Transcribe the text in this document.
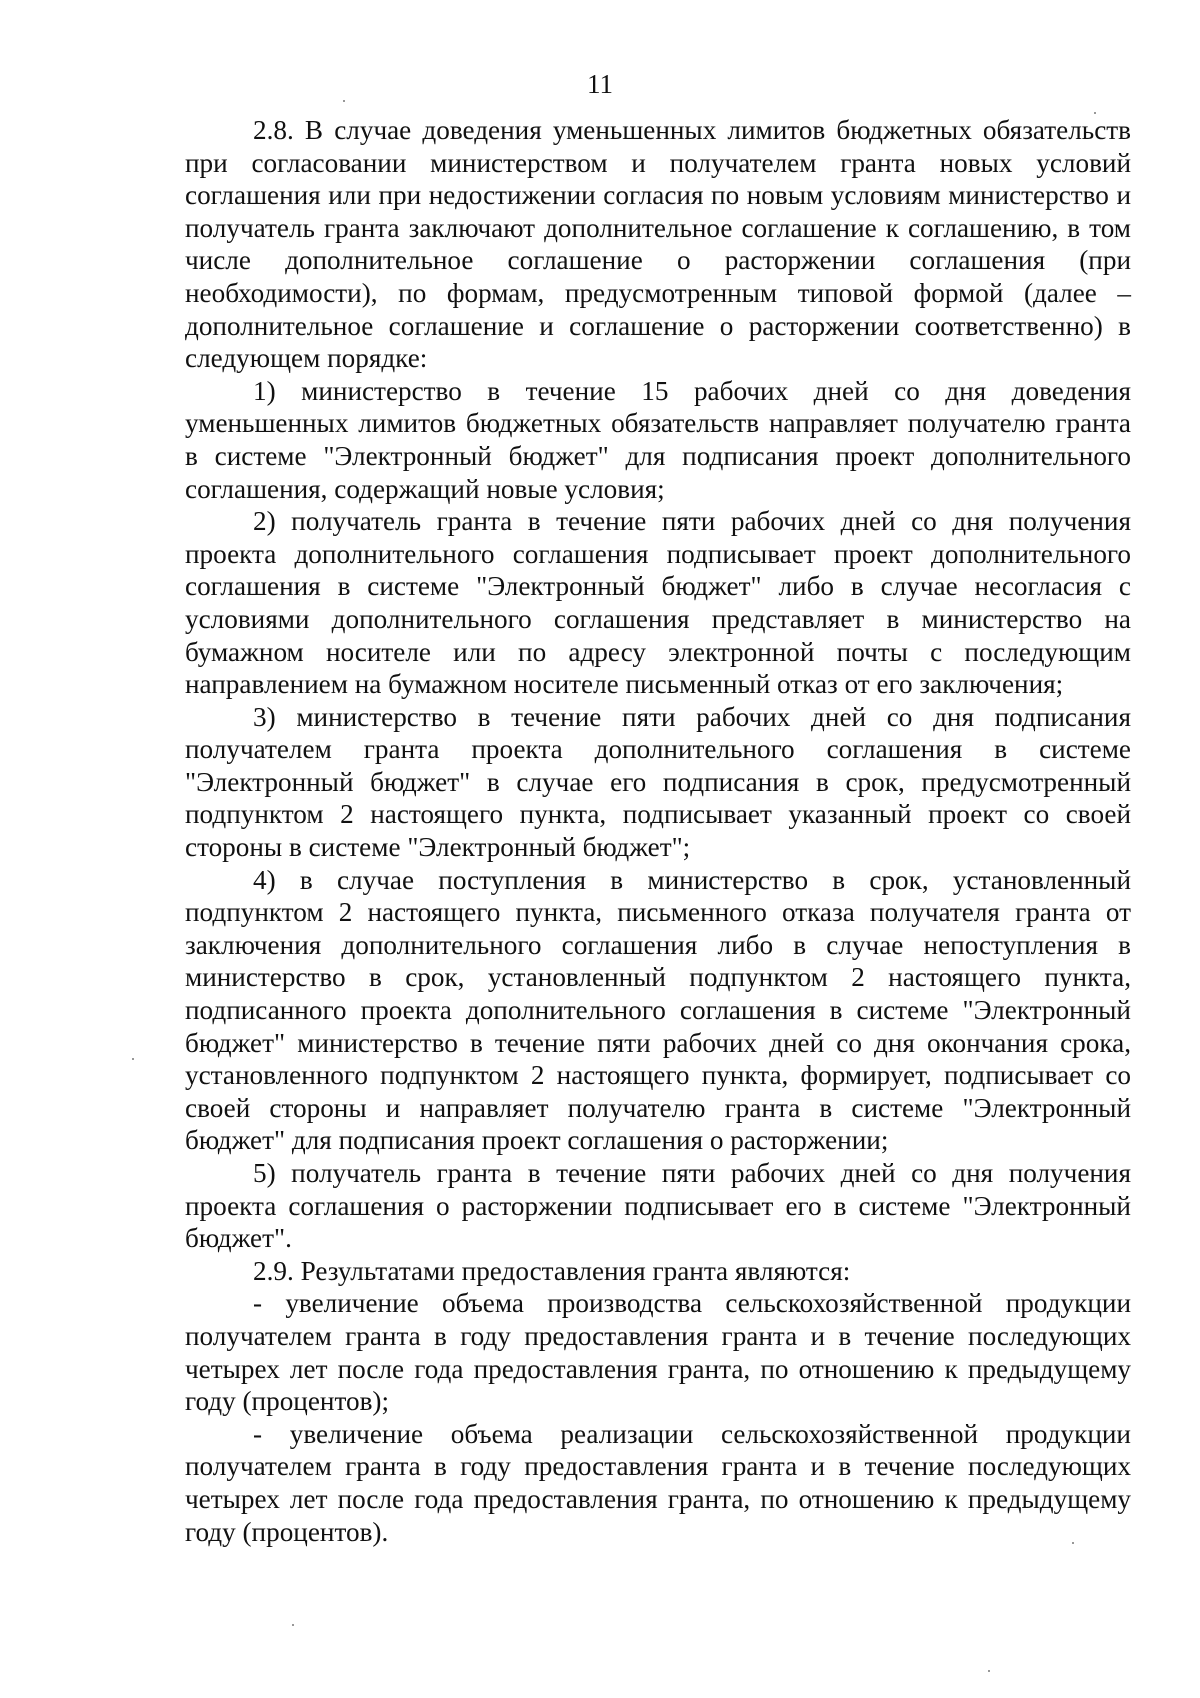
11

2.8. В случае доведения уменьшенных лимитов бюджетных обязательств при согласовании министерством и получателем гранта новых условий соглашения или при недостижении согласия по новым условиям министерство и получатель гранта заключают дополнительное соглашение к соглашению, в том числе дополнительное соглашение о расторжении соглашения (при необходимости), по формам, предусмотренным типовой формой (далее – дополнительное соглашение и соглашение о расторжении соответственно) в следующем порядке:

1) министерство в течение 15 рабочих дней со дня доведения уменьшенных лимитов бюджетных обязательств направляет получателю гранта в системе "Электронный бюджет" для подписания проект дополнительного соглашения, содержащий новые условия;

2) получатель гранта в течение пяти рабочих дней со дня получения проекта дополнительного соглашения подписывает проект дополнительного соглашения в системе "Электронный бюджет" либо в случае несогласия с условиями дополнительного соглашения представляет в министерство на бумажном носителе или по адресу электронной почты с последующим направлением на бумажном носителе письменный отказ от его заключения;

3) министерство в течение пяти рабочих дней со дня подписания получателем гранта проекта дополнительного соглашения в системе "Электронный бюджет" в случае его подписания в срок, предусмотренный подпунктом 2 настоящего пункта, подписывает указанный проект со своей стороны в системе "Электронный бюджет";

4) в случае поступления в министерство в срок, установленный подпунктом 2 настоящего пункта, письменного отказа получателя гранта от заключения дополнительного соглашения либо в случае непоступления в министерство в срок, установленный подпунктом 2 настоящего пункта, подписанного проекта дополнительного соглашения в системе "Электронный бюджет" министерство в течение пяти рабочих дней со дня окончания срока, установленного подпунктом 2 настоящего пункта, формирует, подписывает со своей стороны и направляет получателю гранта в системе "Электронный бюджет" для подписания проект соглашения о расторжении;

5) получатель гранта в течение пяти рабочих дней со дня получения проекта соглашения о расторжении подписывает его в системе "Электронный бюджет".

2.9. Результатами предоставления гранта являются:

- увеличение объема производства сельскохозяйственной продукции получателем гранта в году предоставления гранта и в течение последующих четырех лет после года предоставления гранта, по отношению к предыдущему году (процентов);

- увеличение объема реализации сельскохозяйственной продукции получателем гранта в году предоставления гранта и в течение последующих четырех лет после года предоставления гранта, по отношению к предыдущему году (процентов).
